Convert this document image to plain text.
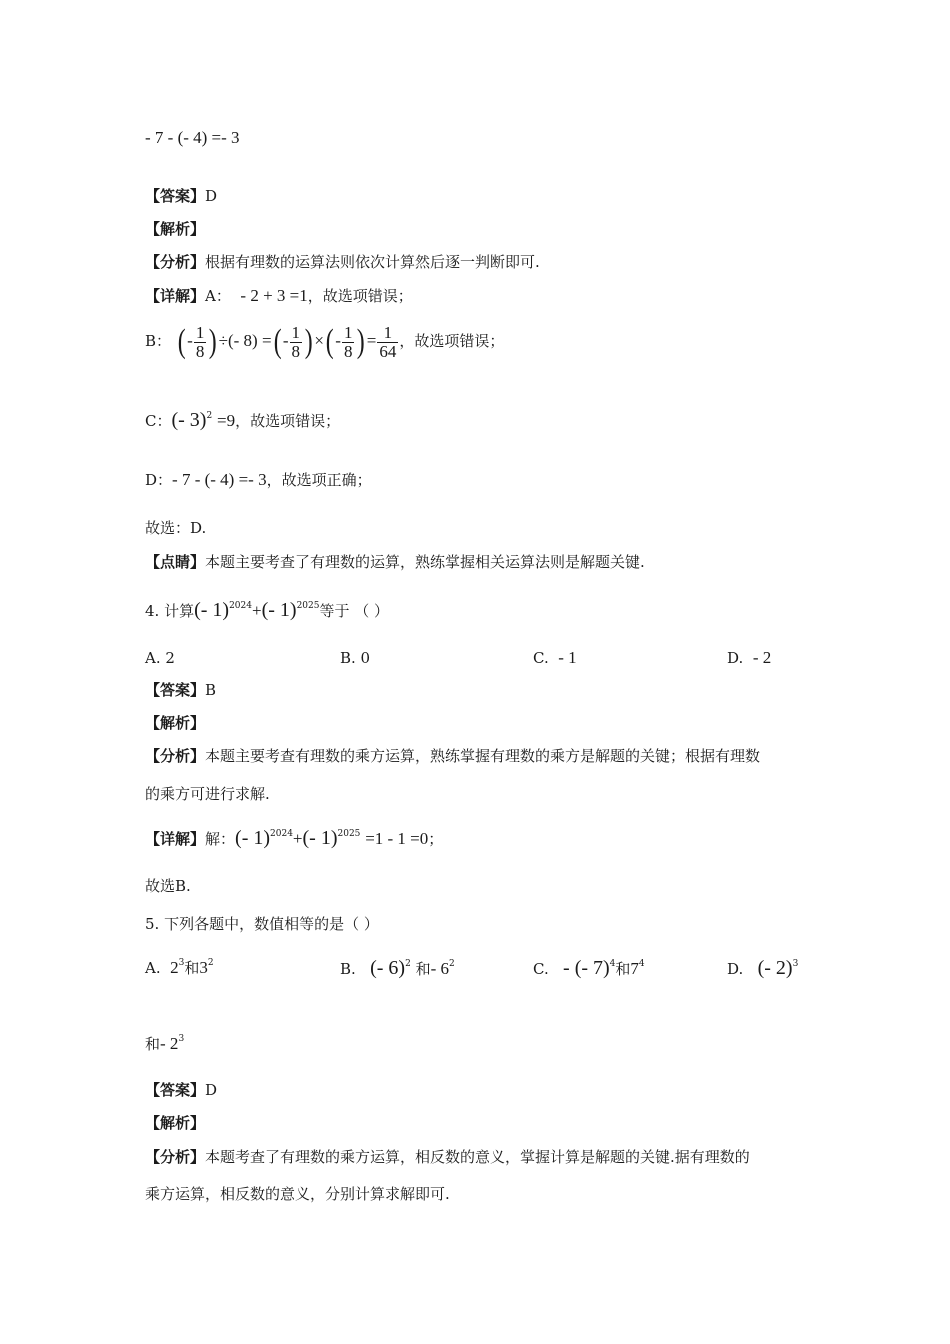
- 7 - (- 4) =- 3
【答案】D
【解析】
【分析】根据有理数的运算法则依次计算然后逐一判断即可.
【详解】A： - 2 + 3 =1，故选项错误；
B： (- $\frac{1}{8}$ )÷(- 8) =(- $\frac{1}{8}$ )×(- $\frac{1}{8}$ )= $\frac{1}{64}$ ，故选项错误；
C：(- 3)$^2$ =9，故选项错误；
D：- 7 - (- 4) =- 3，故选项正确；
故选：D.
【点睛】本题主要考查了有理数的运算，熟练掌握相关运算法则是解题关键.
4. 计算(- 1)$^{2024}$+(- 1)$^{2025}$等于 （ ）
A. 2	B. 0	C. - 1	D. - 2
【答案】B
【解析】
【分析】本题主要考查有理数的乘方运算，熟练掌握有理数的乘方是解题的关键；根据有理数
的乘方可进行求解.
【详解】解：(- 1)$^{2024}$+(- 1)$^{2025}$ =1 - 1 =0；
故选B.
5. 下列各题中，数值相等的是（ ）
A. $2^3$和$3^2$	B. (- 6)$^2$ 和- $6^2$	C. - (- 7)$^4$和$7^4$	D. (- 2)$^3$
和- $2^3$
【答案】D
【解析】
【分析】本题考查了有理数的乘方运算，相反数的意义，掌握计算是解题的关键.据有理数的
乘方运算，相反数的意义，分别计算求解即可.
